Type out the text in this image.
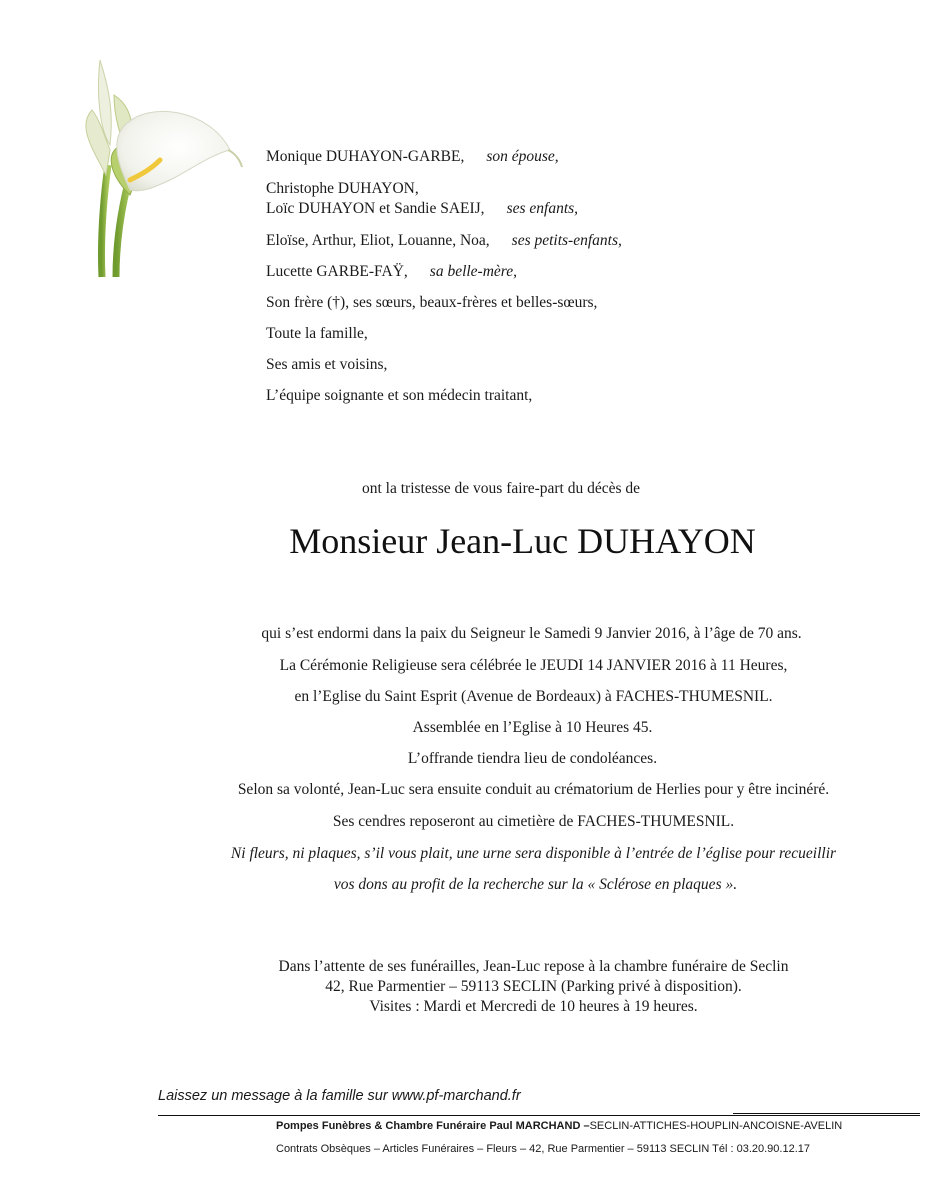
Monique DUHAYON-GARBE, son épouse,
Christophe DUHAYON,
Loïc DUHAYON et Sandie SAEIJ, ses enfants,
Eloïse, Arthur, Eliot, Louanne, Noa, ses petits-enfants,
Lucette GARBE-FAŸ, sa belle-mère,
Son frère (†), ses sœurs, beaux-frères et belles-sœurs,
Toute la famille,
Ses amis et voisins,
L’équipe soignante et son médecin traitant,
ont la tristesse de vous faire-part du décès de
Monsieur Jean-Luc DUHAYON
qui s’est endormi dans la paix du Seigneur le Samedi 9 Janvier 2016, à l’âge de 70 ans.
La Cérémonie Religieuse sera célébrée le JEUDI 14 JANVIER 2016 à 11 Heures,
en l’Eglise du Saint Esprit (Avenue de Bordeaux) à FACHES-THUMESNIL.
Assemblée en l’Eglise à 10 Heures 45.
L’offrande tiendra lieu de condoléances.
Selon sa volonté, Jean-Luc sera ensuite conduit au crématorium de Herlies pour y être incinéré.
Ses cendres reposeront au cimetière de FACHES-THUMESNIL.
Ni fleurs, ni plaques, s’il vous plait, une urne sera disponible à l’entrée de l’église pour recueillir
vos dons au profit de la recherche sur la « Sclérose en plaques ».
Dans l’attente de ses funérailles, Jean-Luc repose à la chambre funéraire de Seclin
42, Rue Parmentier – 59113 SECLIN (Parking privé à disposition).
Visites : Mardi et Mercredi de 10 heures à 19 heures.
Laissez un message à la famille sur www.pf-marchand.fr
Pompes Funèbres & Chambre Funéraire Paul MARCHAND –SECLIN-ATTICHES-HOUPLIN-ANCOISNE-AVELIN
Contrats Obsèques – Articles Funéraires – Fleurs – 42, Rue Parmentier – 59113 SECLIN Tél : 03.20.90.12.17
